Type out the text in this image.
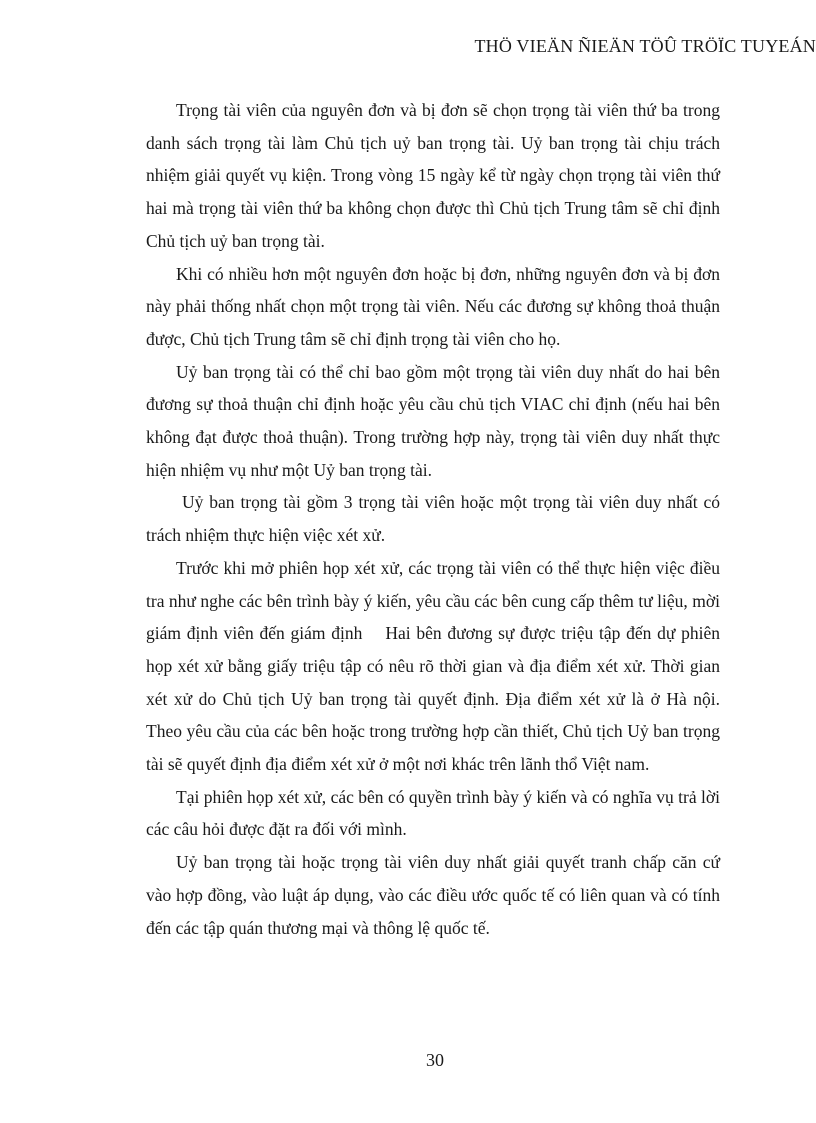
THÖ VIEÄN ÑIEÄN TÖÛ TRÖÏC TUYEÁN

Trọng tài viên của nguyên đơn và bị đơn sẽ chọn trọng tài viên thứ ba trong danh sách trọng tài làm Chủ tịch uỷ ban trọng tài. Uỷ ban trọng tài chịu trách nhiệm giải quyết vụ kiện. Trong vòng 15 ngày kể từ ngày chọn trọng tài viên thứ hai mà trọng tài viên thứ ba không chọn được thì Chủ tịch Trung tâm sẽ chỉ định Chủ tịch uỷ ban trọng tài.

Khi có nhiều hơn một nguyên đơn hoặc bị đơn, những nguyên đơn và bị đơn này phải thống nhất chọn một trọng tài viên. Nếu các đương sự không thoả thuận được, Chủ tịch Trung tâm sẽ chỉ định trọng tài viên cho họ.

Uỷ ban trọng tài có thể chỉ bao gồm một trọng tài viên duy nhất do hai bên đương sự thoả thuận chỉ định hoặc yêu cầu chủ tịch VIAC chỉ định (nếu hai bên không đạt được thoả thuận). Trong trường hợp này, trọng tài viên duy nhất thực hiện nhiệm vụ như một Uỷ ban trọng tài.

Uỷ ban trọng tài gồm 3 trọng tài viên hoặc một trọng tài viên duy nhất có trách nhiệm thực hiện việc xét xử.

Trước khi mở phiên họp xét xử, các trọng tài viên có thể thực hiện việc điều tra như nghe các bên trình bày ý kiến, yêu cầu các bên cung cấp thêm tư liệu, mời giám định viên đến giám định    Hai bên đương sự được triệu tập đến dự phiên họp xét xử bằng giấy triệu tập có nêu rõ thời gian và địa điểm xét xử. Thời gian xét xử do Chủ tịch Uỷ ban trọng tài quyết định. Địa điểm xét xử là ở Hà nội. Theo yêu cầu của các bên hoặc trong trường hợp cần thiết, Chủ tịch Uỷ ban trọng tài sẽ quyết định địa điểm xét xử ở một nơi khác trên lãnh thổ Việt nam.

Tại phiên họp xét xử, các bên có quyền trình bày ý kiến và có nghĩa vụ trả lời các câu hỏi được đặt ra đối với mình.

Uỷ ban trọng tài hoặc trọng tài viên duy nhất giải quyết tranh chấp căn cứ vào hợp đồng, vào luật áp dụng, vào các điều ước quốc tế có liên quan và có tính đến các tập quán thương mại và thông lệ quốc tế.

30
